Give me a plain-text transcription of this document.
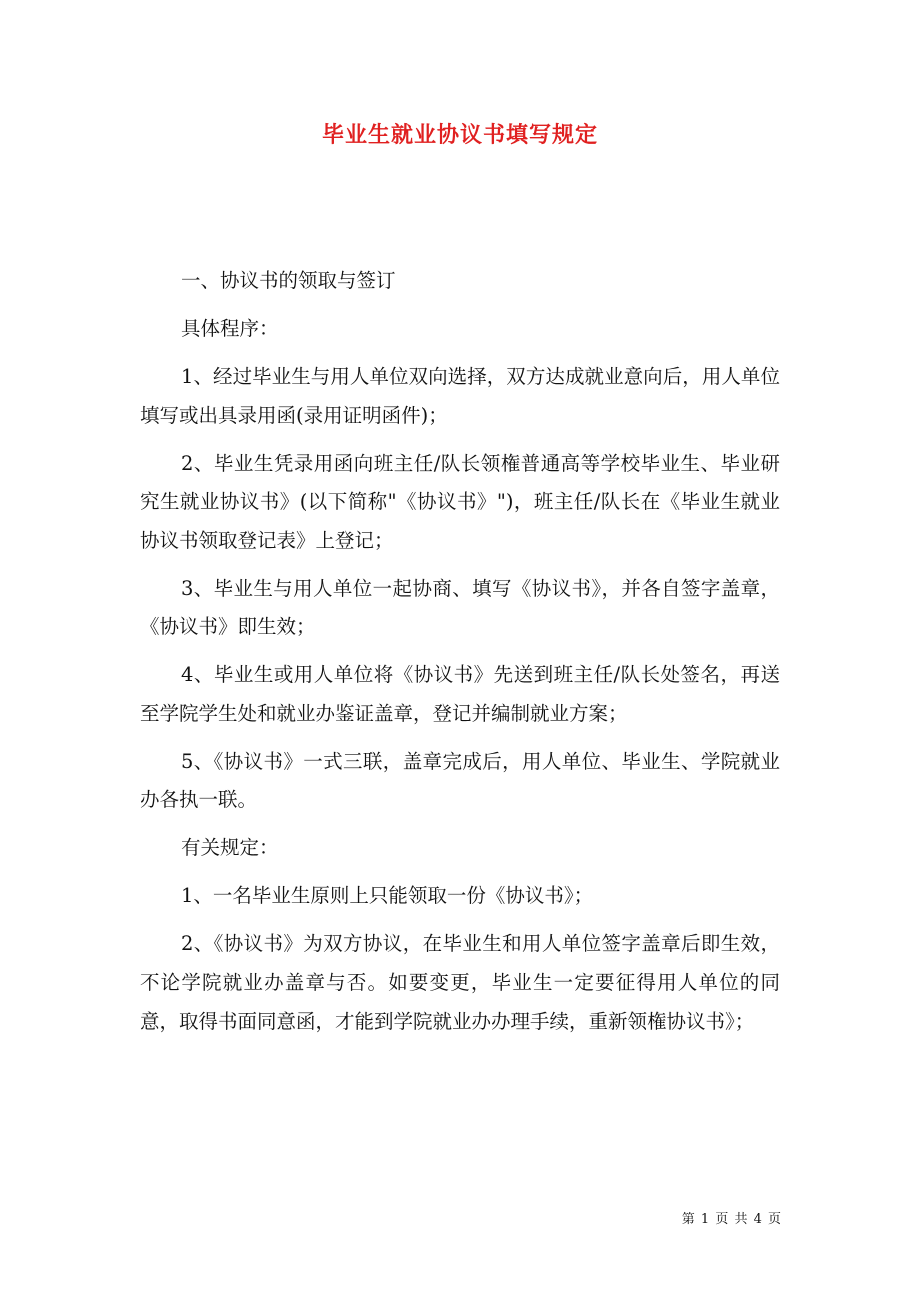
毕业生就业协议书填写规定

一、协议书的领取与签订

具体程序：

1、经过毕业生与用人单位双向选择，双方达成就业意向后，用人单位填写或出具录用函(录用证明函件)；

2、毕业生凭录用函向班主任/队长领権普通高等学校毕业生、毕业研究生就业协议书》(以下简称"《协议书》")，班主任/队长在《毕业生就业协议书领取登记表》上登记；

3、毕业生与用人单位一起协商、填写《协议书》，并各自签字盖章，《协议书》即生效；

4、毕业生或用人单位将《协议书》先送到班主任/队长处签名，再送至学院学生处和就业办鉴证盖章，登记并编制就业方案；

5、《协议书》一式三联，盖章完成后，用人单位、毕业生、学院就业办各执一联。

有关规定：

1、一名毕业生原则上只能领取一份《协议书》；

2、《协议书》为双方协议，在毕业生和用人单位签字盖章后即生效，不论学院就业办盖章与否。如要变更，毕业生一定要征得用人单位的同意，取得书面同意函，才能到学院就业办办理手续，重新领権协议书》；

第 1 页 共 4 页
